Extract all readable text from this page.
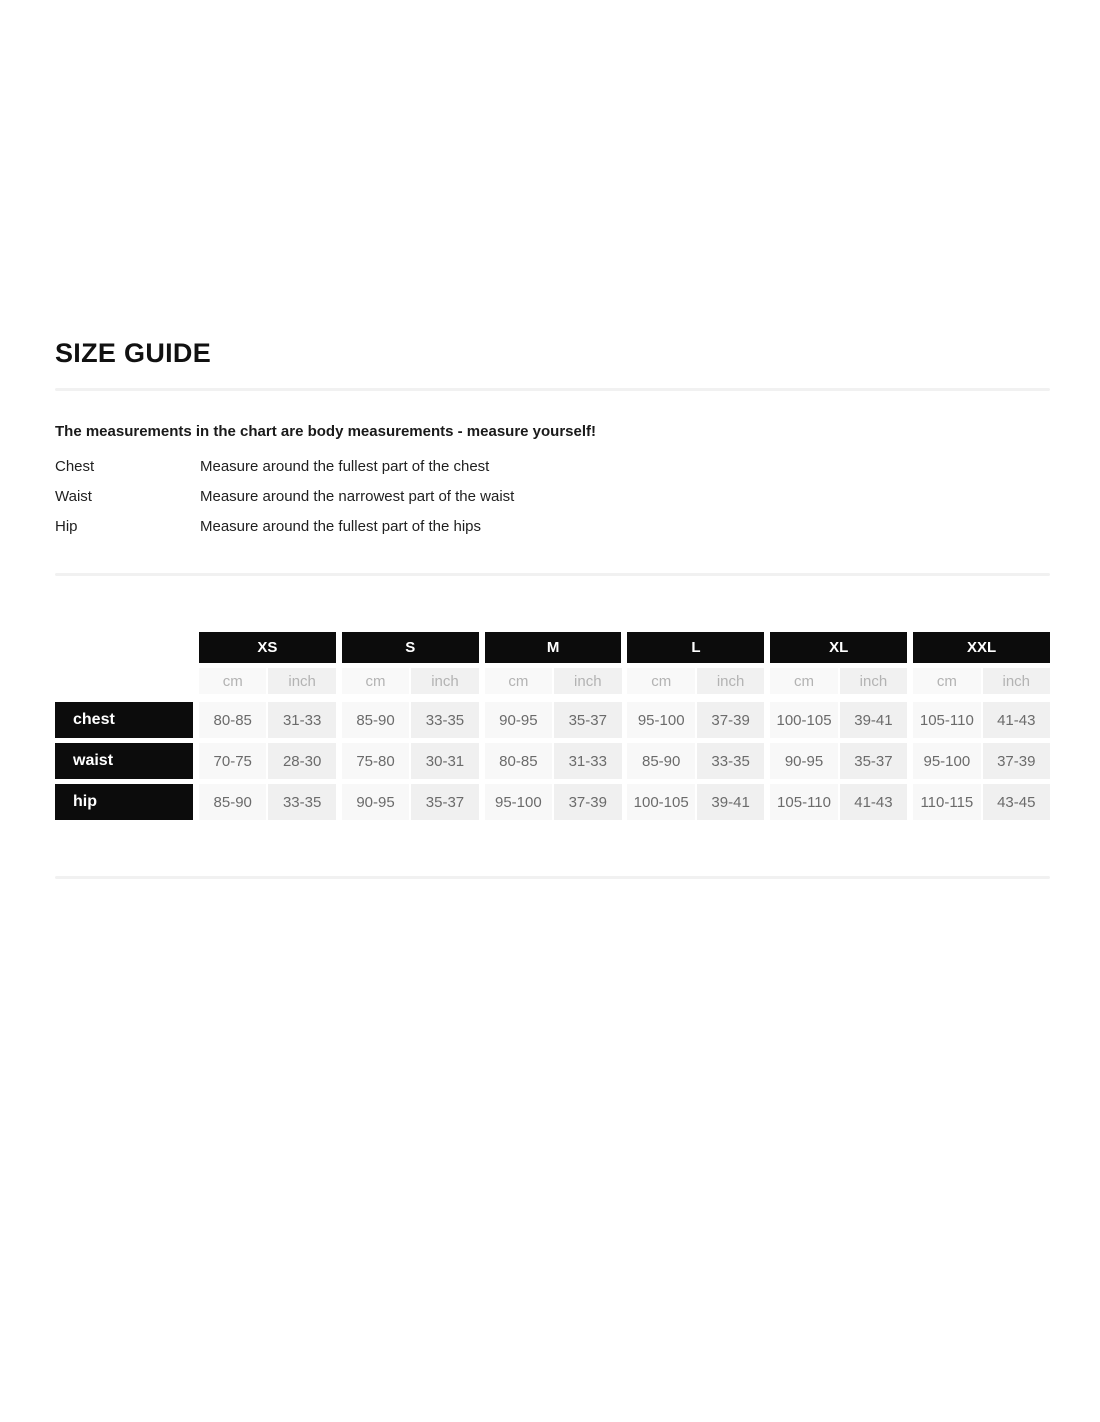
SIZE GUIDE
The measurements in the chart are body measurements - measure yourself!
Chest	Measure around the fullest part of the chest
Waist	Measure around the narrowest part of the waist
Hip	Measure around the fullest part of the hips
XS	S	M	L	XL	XXL
cm	inch	cm	inch	cm	inch	cm	inch	cm	inch	cm	inch
chest	80-85	31-33	85-90	33-35	90-95	35-37	95-100	37-39	100-105	39-41	105-110	41-43
waist	70-75	28-30	75-80	30-31	80-85	31-33	85-90	33-35	90-95	35-37	95-100	37-39
hip	85-90	33-35	90-95	35-37	95-100	37-39	100-105	39-41	105-110	41-43	110-115	43-45
